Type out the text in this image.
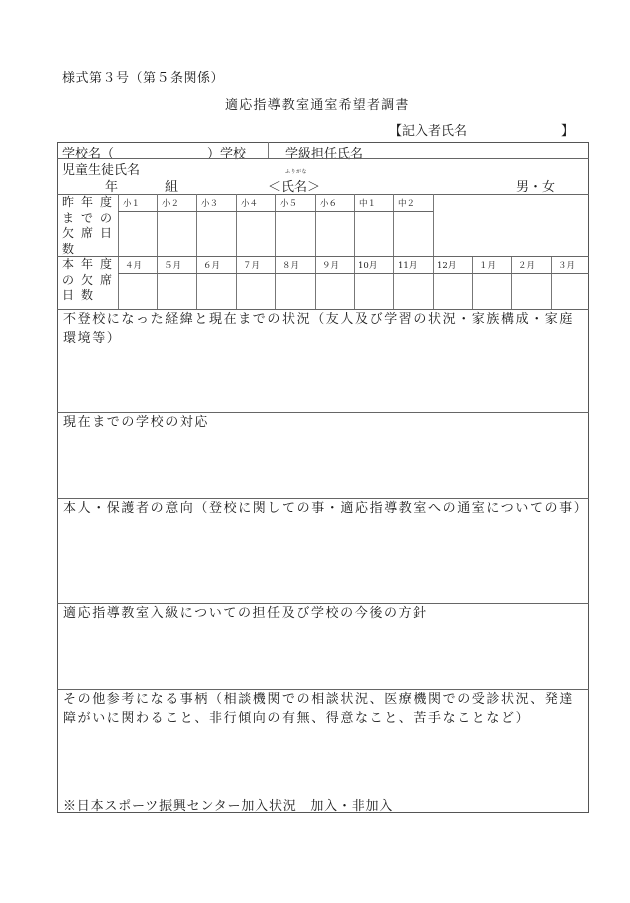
様式第３号（第５条関係）
適応指導教室通室希望者調書
【記入者氏名	】
学校名（	）学校	学級担任氏名
児童生徒氏名
年	組
ふりがな
＜氏名＞	男・女
昨年度
までの
欠席日
数
小１	小２	小３	小４	小５	小６	中１	中２
本年度
の欠席
日数
４月	５月	６月	７月	８月	９月 10月 11月 12月	１月	２月	３月
不登校になった経緯と現在までの状況（友人及び学習の状況・家族構成・家庭環境等）
現在までの学校の対応
本人・保護者の意向（登校に関しての事・適応指導教室への通室についての事）
適応指導教室入級についての担任及び学校の今後の方針
その他参考になる事柄（相談機関での相談状況、医療機関での受診状況、発達障がいに関わること、非行傾向の有無、得意なこと、苦手なことなど）
※日本スポーツ振興センター加入状況　加入・非加入
